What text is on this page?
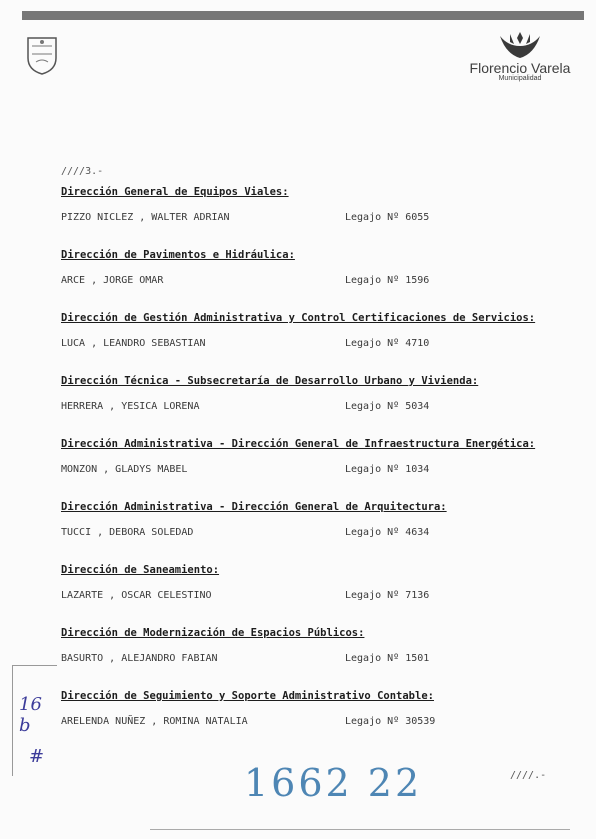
Florencio Varela
Municipalidad
////3.-
Dirección General de Equipos Viales:
PIZZO NICLEZ , WALTER ADRIAN	Legajo Nº 6055
Dirección de Pavimentos e Hidráulica:
ARCE , JORGE OMAR	Legajo Nº 1596
Dirección de Gestión Administrativa y Control Certificaciones de Servicios:
LUCA , LEANDRO SEBASTIAN	Legajo Nº 4710
Dirección Técnica - Subsecretaría de Desarrollo Urbano y Vivienda:
HERRERA , YESICA LORENA	Legajo Nº 5034
Dirección Administrativa - Dirección General de Infraestructura Energética:
MONZON , GLADYS MABEL	Legajo Nº 1034
Dirección Administrativa - Dirección General de Arquitectura:
TUCCI , DEBORA SOLEDAD	Legajo Nº 4634
Dirección de Saneamiento:
LAZARTE , OSCAR CELESTINO	Legajo Nº 7136
Dirección de Modernización de Espacios Públicos:
BASURTO , ALEJANDRO FABIAN	Legajo Nº 1501
Dirección de Seguimiento y Soporte Administrativo Contable:
ARELENDA NUÑEZ , ROMINA NATALIA	Legajo Nº 30539
16 b
#
1662 22	////.-
